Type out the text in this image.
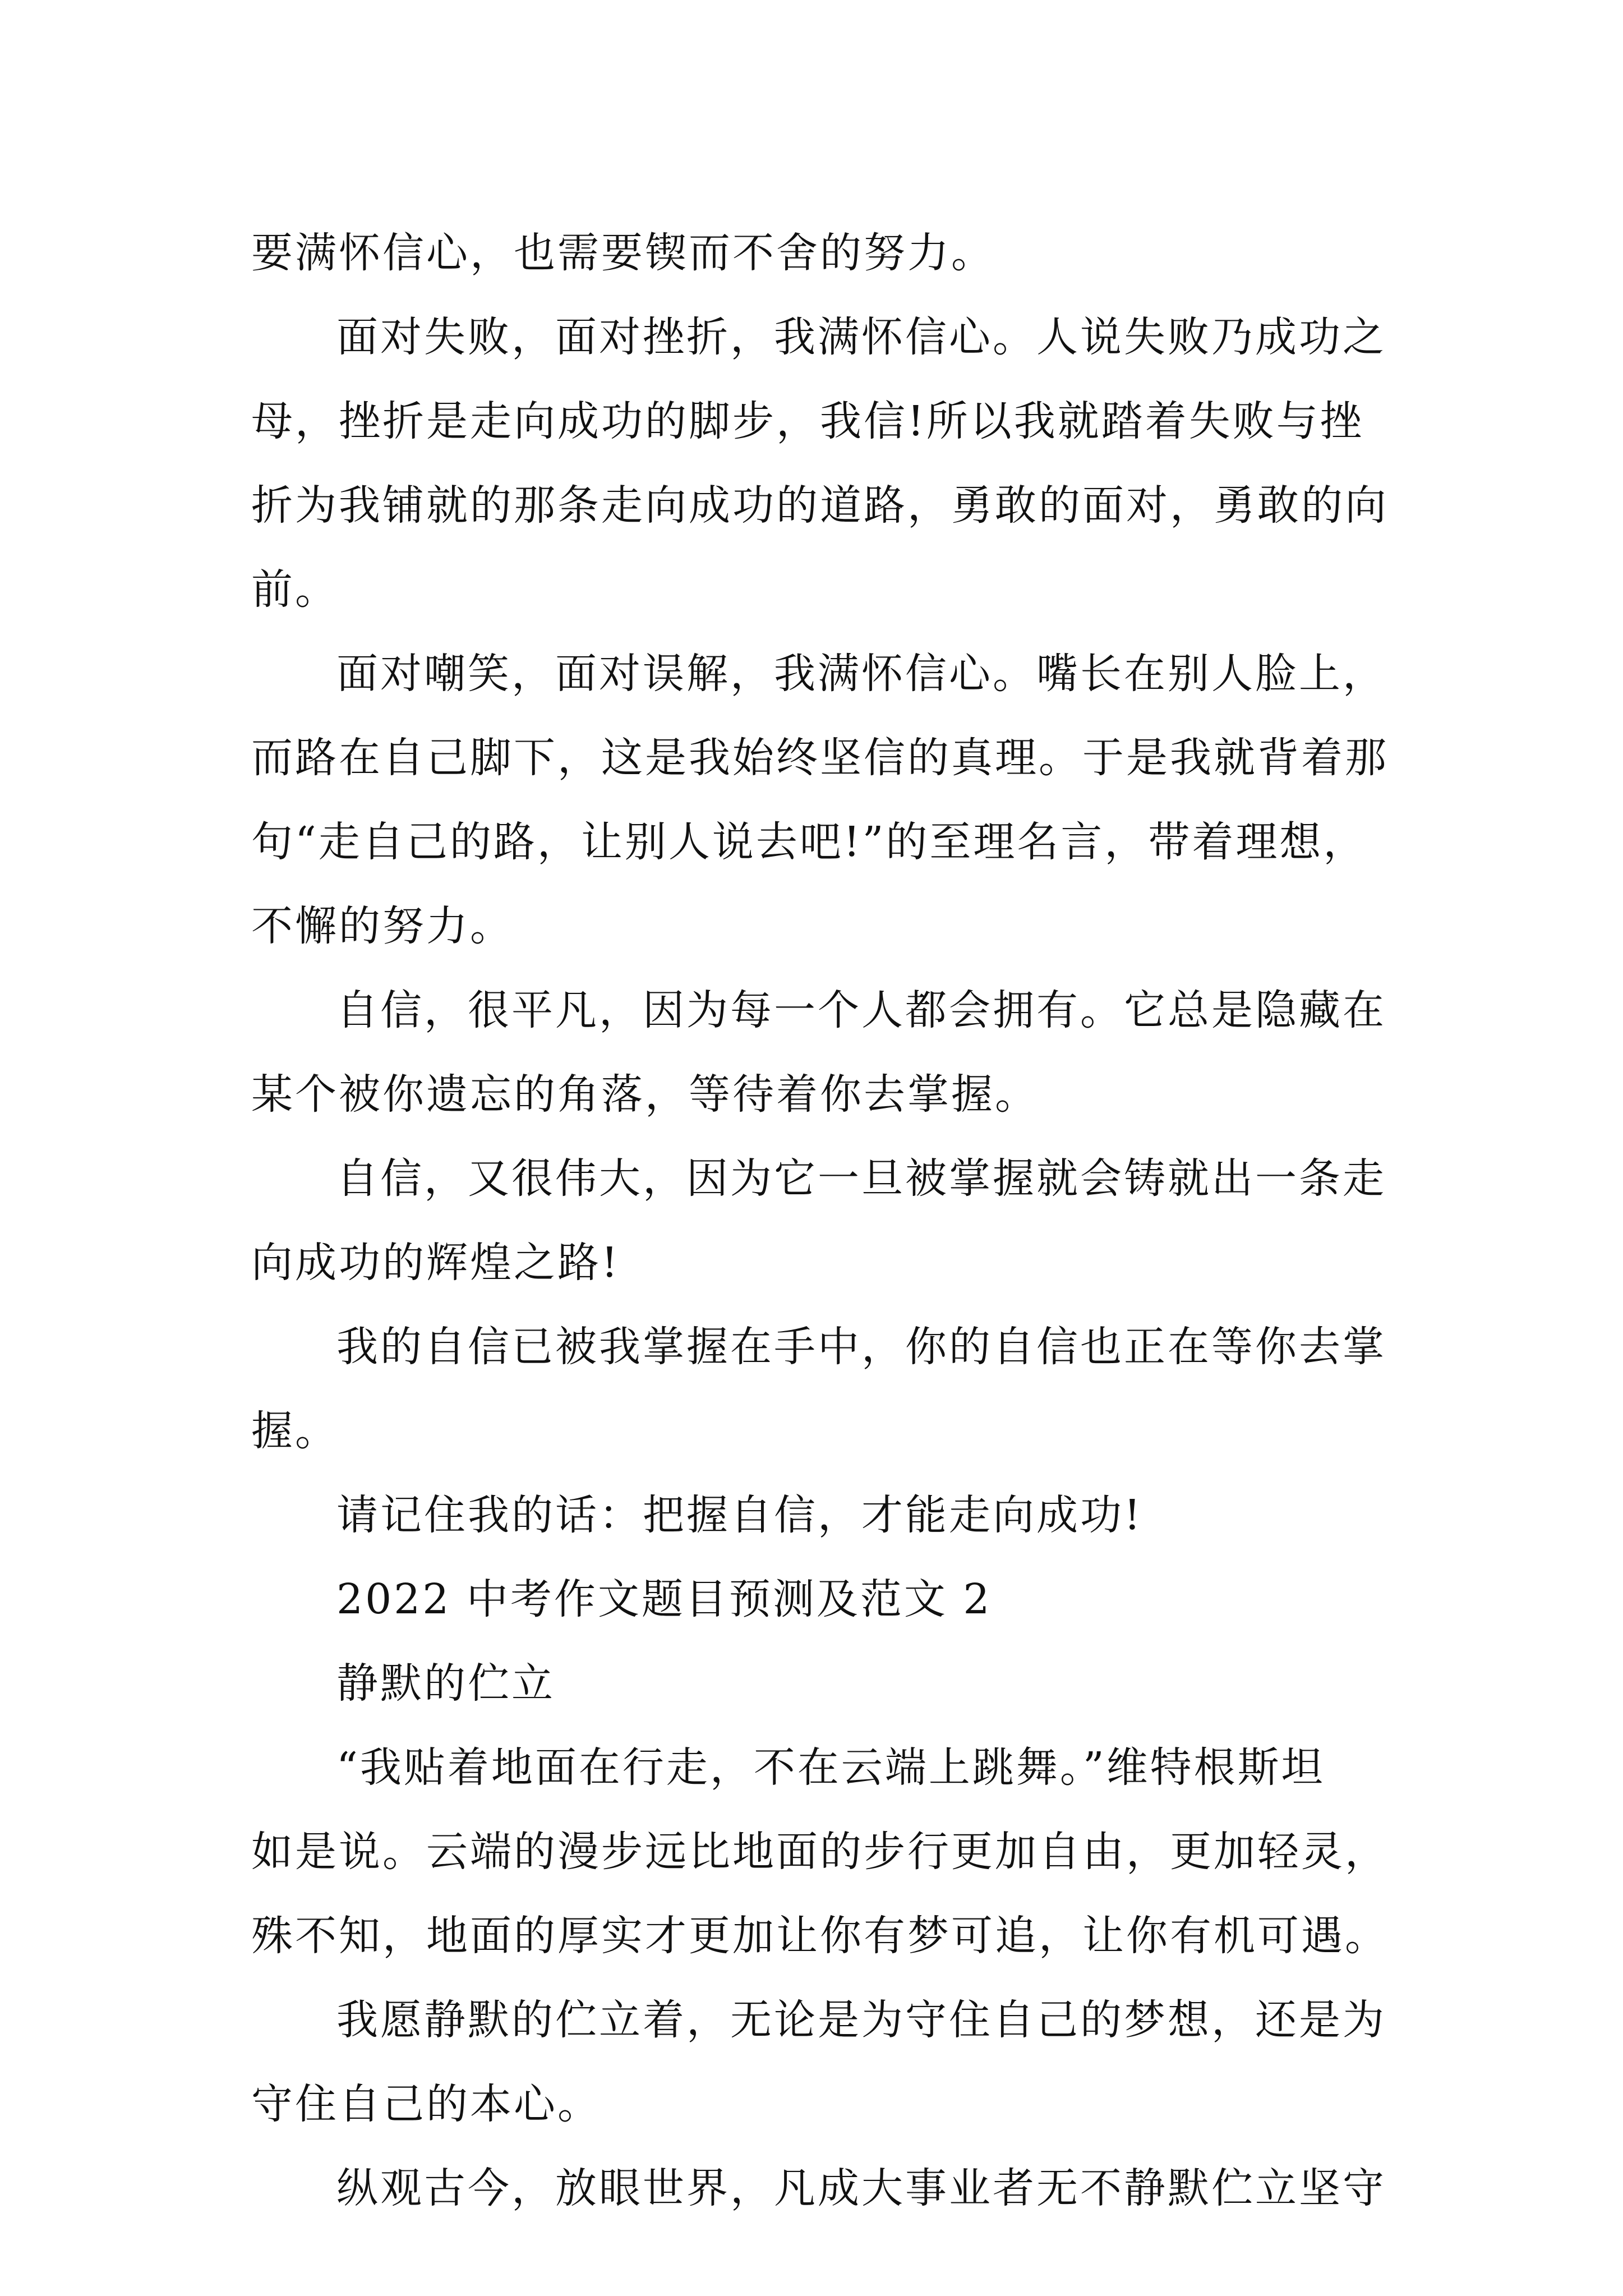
要满怀信心，也需要锲而不舍的努力。
面对失败，面对挫折，我满怀信心。人说失败乃成功之
母，挫折是走向成功的脚步，我信!所以我就踏着失败与挫
折为我铺就的那条走向成功的道路，勇敢的面对，勇敢的向
前。
面对嘲笑，面对误解，我满怀信心。嘴长在别人脸上，
而路在自己脚下，这是我始终坚信的真理。于是我就背着那
句“走自己的路，让别人说去吧!”的至理名言，带着理想，
不懈的努力。
自信，很平凡，因为每一个人都会拥有。它总是隐藏在
某个被你遗忘的角落，等待着你去掌握。
自信，又很伟大，因为它一旦被掌握就会铸就出一条走
向成功的辉煌之路!
我的自信已被我掌握在手中，你的自信也正在等你去掌
握。
请记住我的话：把握自信，才能走向成功!
2022 中考作文题目预测及范文 2
静默的伫立
“我贴着地面在行走，不在云端上跳舞。”维特根斯坦
如是说。云端的漫步远比地面的步行更加自由，更加轻灵，
殊不知，地面的厚实才更加让你有梦可追，让你有机可遇。
我愿静默的伫立着，无论是为守住自己的梦想，还是为
守住自己的本心。
纵观古今，放眼世界，凡成大事业者无不静默伫立坚守
